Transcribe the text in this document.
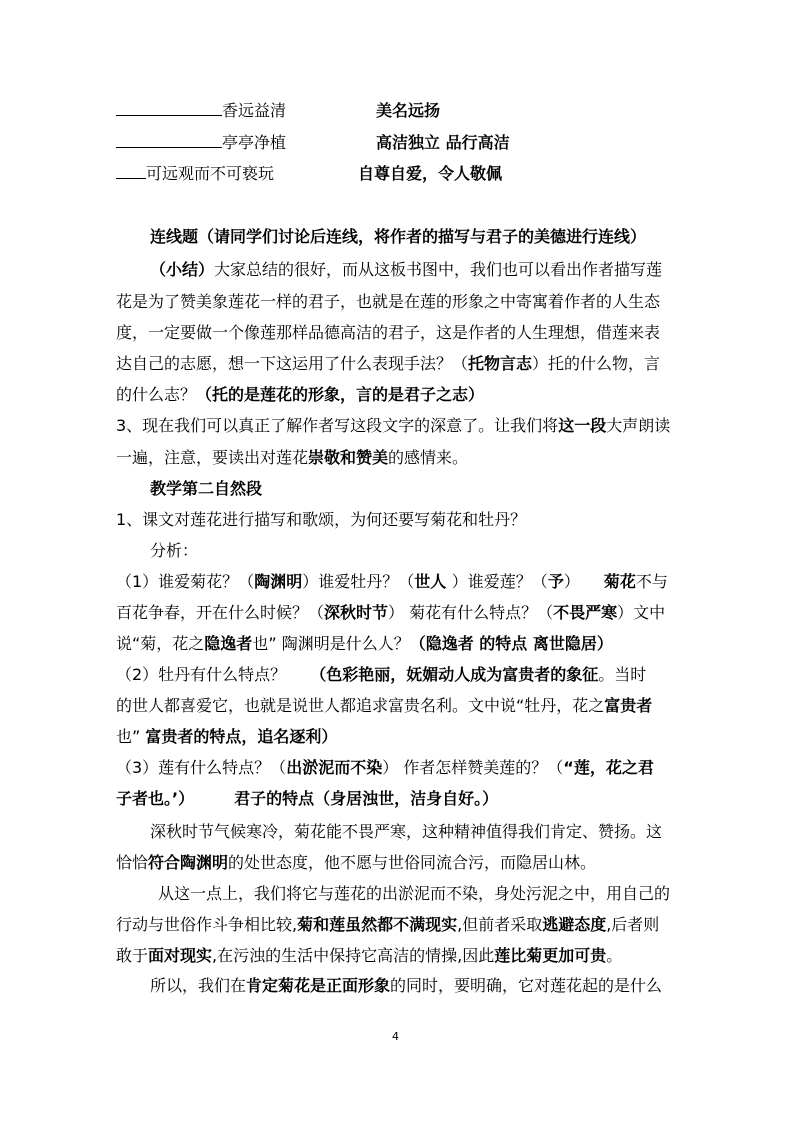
香远益清	美名远扬
亭亭净植	高洁独立 品行高洁
可远观而不可亵玩	自尊自爱，令人敬佩
连线题（请同学们讨论后连线，将作者的描写与君子的美德进行连线）
（小结）大家总结的很好，而从这板书图中，我们也可以看出作者描写莲
花是为了赞美象莲花一样的君子，也就是在莲的形象之中寄寓着作者的人生态
度，一定要做一个像莲那样品德高洁的君子，这是作者的人生理想，借莲来表
达自己的志愿，想一下这运用了什么表现手法？（托物言志）托的什么物，言
的什么志？（托的是莲花的形象，言的是君子之志）
3、现在我们可以真正了解作者写这段文字的深意了。让我们将这一段大声朗读
一遍，注意，要读出对莲花崇敬和赞美的感情来。
教学第二自然段
1、课文对莲花进行描写和歌颂，为何还要写菊花和牡丹？
分析：
（1）谁爱菊花？（陶渊明）谁爱牡丹？（世人 ）谁爱莲？（予） 菊花不与
百花争春，开在什么时候？（深秋时节） 菊花有什么特点？（不畏严寒）文中
说“菊，花之隐逸者也” 陶渊明是什么人？（隐逸者 的特点 离世隐居）
（2）牡丹有什么特点？ （色彩艳丽，妩媚动人成为富贵者的象征。当时
的世人都喜爱它，也就是说世人都追求富贵名利。文中说“牡丹，花之富贵者
也” 富贵者的特点，追名逐利）
（3）莲有什么特点？（出淤泥而不染） 作者怎样赞美莲的？（“莲，花之君
子者也。’）	君子的特点（身居浊世，洁身自好。）
深秋时节气候寒冷，菊花能不畏严寒，这种精神值得我们肯定、赞扬。这
恰恰符合陶渊明的处世态度，他不愿与世俗同流合污，而隐居山林。
从这一点上，我们将它与莲花的出淤泥而不染，身处污泥之中，用自己的
行动与世俗作斗争相比较,菊和莲虽然都不满现实,但前者采取逃避态度,后者则
敢于面对现实,在污浊的生活中保持它高洁的情操,因此莲比菊更加可贵。
所以，我们在肯定菊花是正面形象的同时，要明确，它对莲花起的是什么
4
